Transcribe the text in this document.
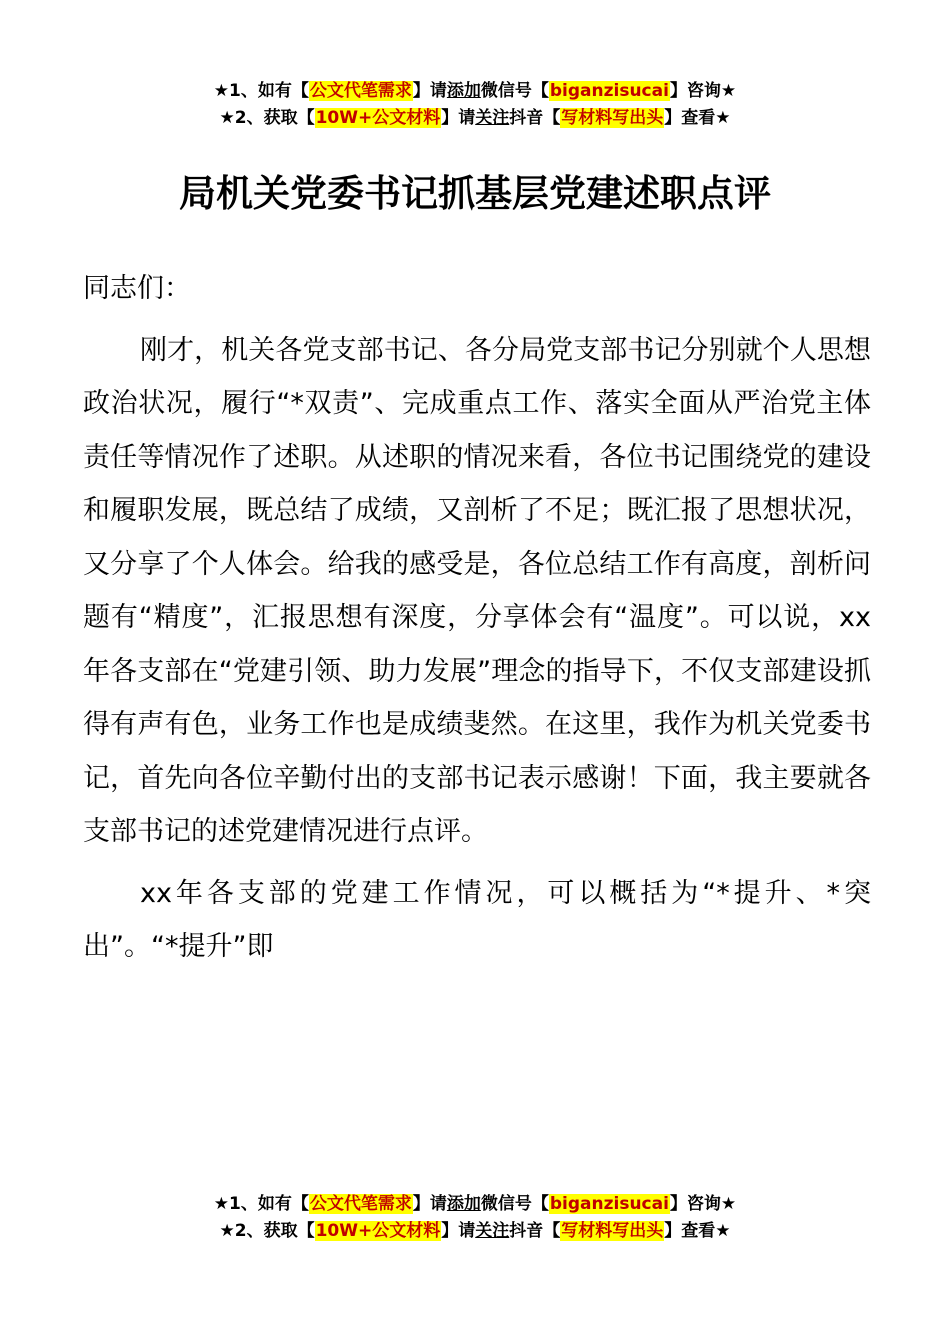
★1、如有【公文代笔需求】请添加微信号【biganzisucai】咨询★
★2、获取【10W+公文材料】请关注抖音【写材料写出头】查看★
局机关党委书记抓基层党建述职点评

同志们：

刚才，机关各党支部书记、各分局党支部书记分别就个人思想政治状况，履行“*双责”、完成重点工作、落实全面从严治党主体责任等情况作了述职。从述职的情况来看，各位书记围绕党的建设和履职发展，既总结了成绩，又剖析了不足；既汇报了思想状况，又分享了个人体会。给我的感受是，各位总结工作有高度，剖析问题有“精度”，汇报思想有深度，分享体会有“温度”。可以说，xx年各支部在“党建引领、助力发展”理念的指导下，不仅支部建设抓得有声有色，业务工作也是成绩斐然。在这里，我作为机关党委书记，首先向各位辛勤付出的支部书记表示感谢！下面，我主要就各支部书记的述党建情况进行点评。

xx年各支部的党建工作情况，可以概括为“*提升、*突出”。“*提升”即

★1、如有【公文代笔需求】请添加微信号【biganzisucai】咨询★
★2、获取【10W+公文材料】请关注抖音【写材料写出头】查看★
